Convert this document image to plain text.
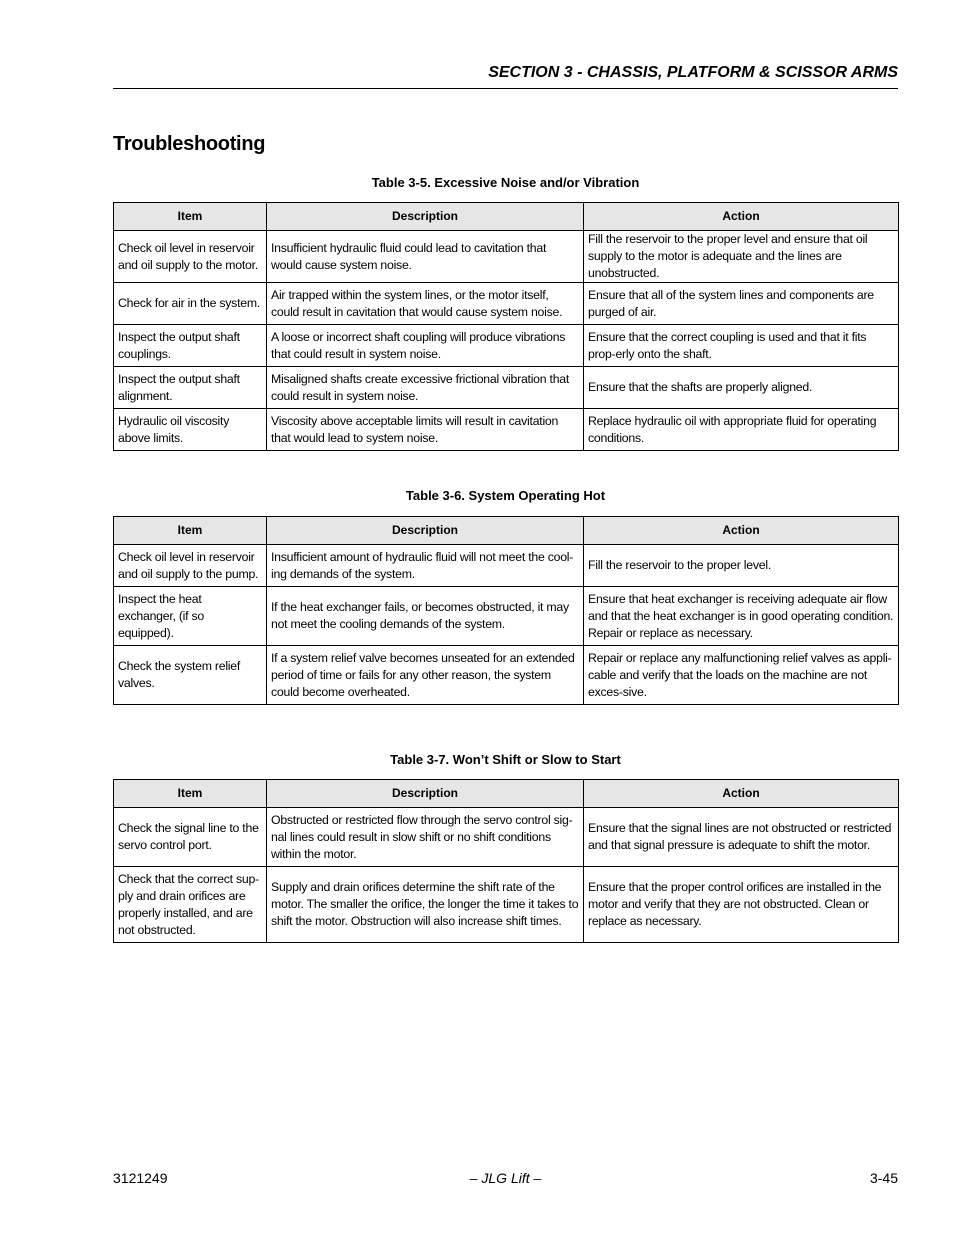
SECTION 3 - CHASSIS, PLATFORM & SCISSOR ARMS
Troubleshooting
Table 3-5. Excessive Noise and/or Vibration
Item	Description	Action
Check oil level in reservoir and oil supply to the motor.	Insufficient hydraulic fluid could lead to cavitation that would cause system noise.	Fill the reservoir to the proper level and ensure that oil supply to the motor is adequate and the lines are unobstructed.
Check for air in the system.	Air trapped within the system lines, or the motor itself, could result in cavitation that would cause system noise.	Ensure that all of the system lines and components are purged of air.
Inspect the output shaft couplings.	A loose or incorrect shaft coupling will produce vibrations that could result in system noise.	Ensure that the correct coupling is used and that it fits prop-erly onto the shaft.
Inspect the output shaft alignment.	Misaligned shafts create excessive frictional vibration that could result in system noise.	Ensure that the shafts are properly aligned.
Hydraulic oil viscosity above limits.	Viscosity above acceptable limits will result in cavitation that would lead to system noise.	Replace hydraulic oil with appropriate fluid for operating conditions.
Table 3-6. System Operating Hot
Item	Description	Action
Check oil level in reservoir and oil supply to the pump.	Insufficient amount of hydraulic fluid will not meet the cool-ing demands of the system.	Fill the reservoir to the proper level.
Inspect the heat exchanger, (if so equipped).	If the heat exchanger fails, or becomes obstructed, it may not meet the cooling demands of the system.	Ensure that heat exchanger is receiving adequate air flow and that the heat exchanger is in good operating condition. Repair or replace as necessary.
Check the system relief valves.	If a system relief valve becomes unseated for an extended period of time or fails for any other reason, the system could become overheated.	Repair or replace any malfunctioning relief valves as appli-cable and verify that the loads on the machine are not exces-sive.
Table 3-7. Won’t Shift or Slow to Start
Item	Description	Action
Check the signal line to the servo control port.	Obstructed or restricted flow through the servo control sig-nal lines could result in slow shift or no shift conditions within the motor.	Ensure that the signal lines are not obstructed or restricted and that signal pressure is adequate to shift the motor.
Check that the correct sup-ply and drain orifices are properly installed, and are not obstructed.	Supply and drain orifices determine the shift rate of the motor. The smaller the orifice, the longer the time it takes to shift the motor. Obstruction will also increase shift times.	Ensure that the proper control orifices are installed in the motor and verify that they are not obstructed. Clean or replace as necessary.
3121249	– JLG Lift –	3-45
